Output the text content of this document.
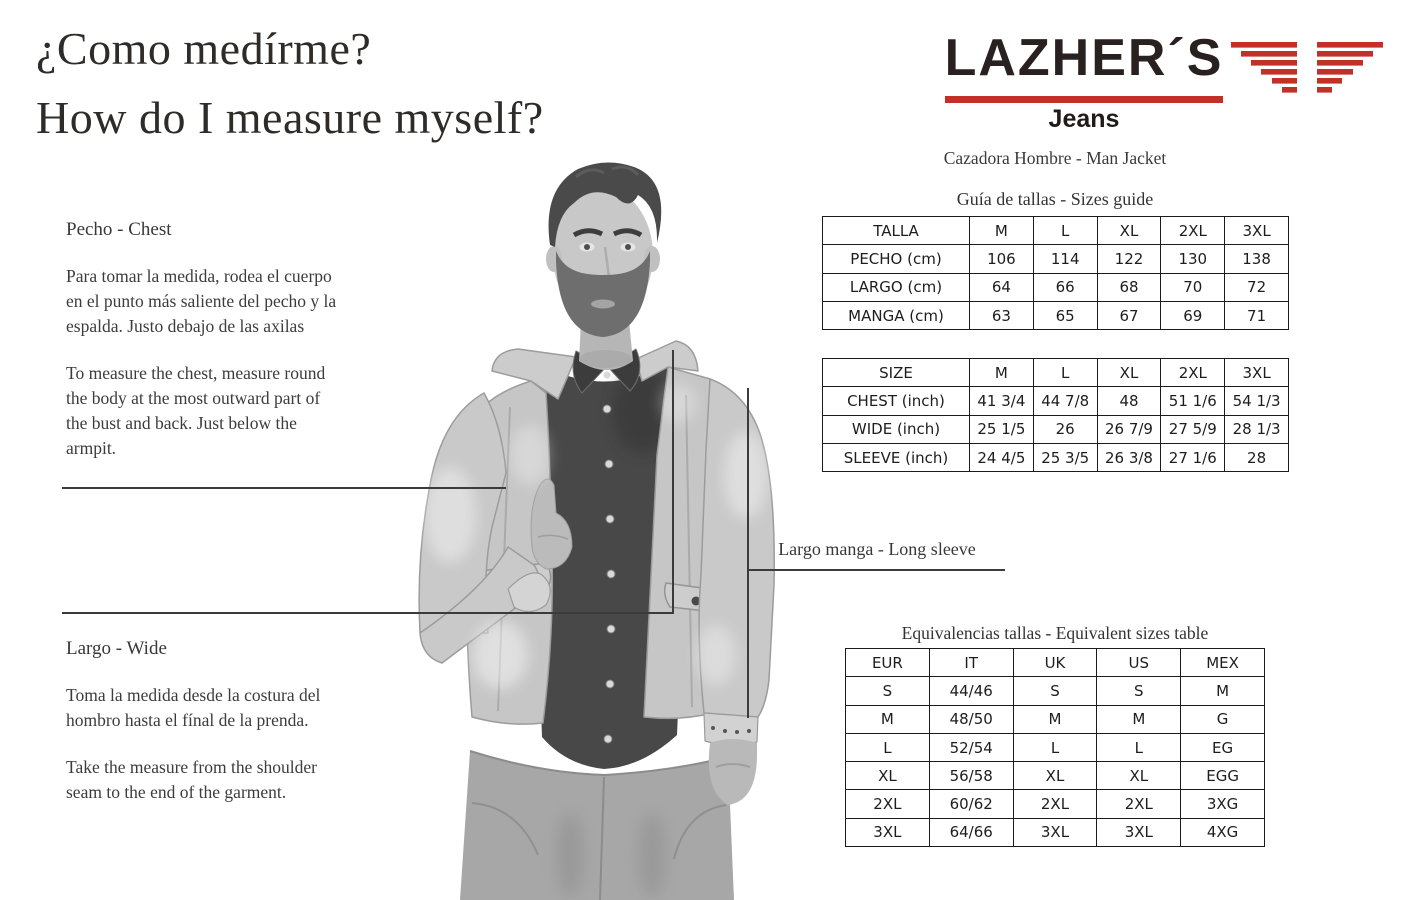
¿Como medírme?
How do I measure myself?
LAZHER´S
Jeans
Cazadora Hombre - Man Jacket
Pecho - Chest

Para tomar la medida, rodea el cuerpo en el punto más saliente del pecho y la espalda. Justo debajo de las axilas

To measure the chest, measure round the body at the most outward part of the bust and back. Just below the armpit.

Largo - Wide

Toma la medida desde la costura del hombro hasta el fínal de la prenda.

Take the measure from the shoulder seam to the end of the garment.

Guía de tallas - Sizes guide
Equivalencias tallas - Equivalent sizes table
Largo manga - Long sleeve
TALLA	M	L	XL	2XL	3XL
PECHO (cm)	106	114	122	130	138
LARGO (cm)	64	66	68	70	72
MANGA (cm)	63	65	67	69	71
SIZE	M	L	XL	2XL	3XL
CHEST (inch)	41 3/4	44 7/8	48	51 1/6	54 1/3
WIDE (inch)	25 1/5	26	26 7/9	27 5/9	28 1/3
SLEEVE (inch)	24 4/5	25 3/5	26 3/8	27 1/6	28
EUR	IT	UK	US	MEX
S	44/46	S	S	M
M	48/50	M	M	G
L	52/54	L	L	EG
XL	56/58	XL	XL	EGG
2XL	60/62	2XL	2XL	3XG
3XL	64/66	3XL	3XL	4XG
